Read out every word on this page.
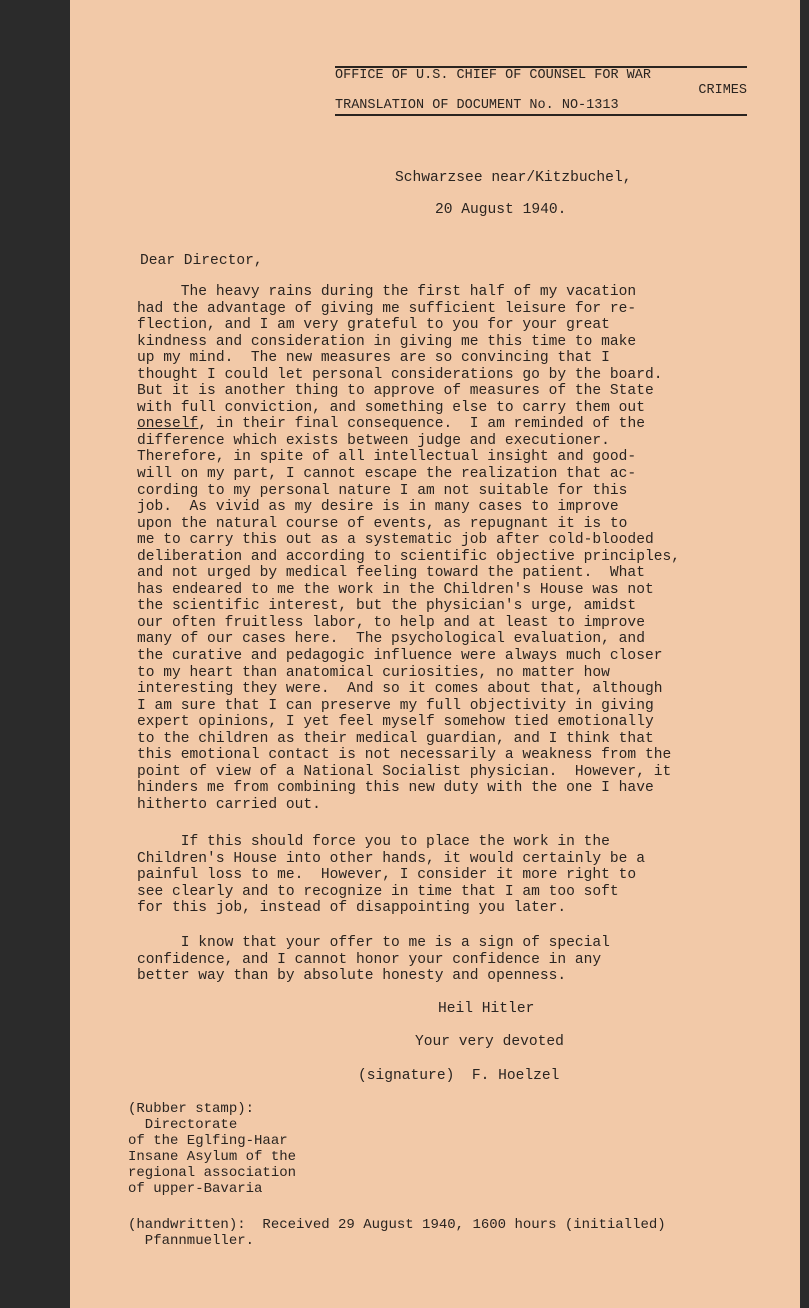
OFFICE OF U.S. CHIEF OF COUNSEL FOR WAR
CRIMES
TRANSLATION OF DOCUMENT No. NO-1313
Schwarzsee near/Kitzbuchel,
20 August 1940.
Dear Director,
The heavy rains during the first half of my vacation
had the advantage of giving me sufficient leisure for re-
flection, and I am very grateful to you for your great
kindness and consideration in giving me this time to make
up my mind.  The new measures are so convincing that I
thought I could let personal considerations go by the board.
But it is another thing to approve of measures of the State
with full conviction, and something else to carry them out
oneself, in their final consequence.  I am reminded of the
difference which exists between judge and executioner.
Therefore, in spite of all intellectual insight and good-
will on my part, I cannot escape the realization that ac-
cording to my personal nature I am not suitable for this
job.  As vivid as my desire is in many cases to improve
upon the natural course of events, as repugnant it is to
me to carry this out as a systematic job after cold-blooded
deliberation and according to scientific objective principles,
and not urged by medical feeling toward the patient.  What
has endeared to me the work in the Children's House was not
the scientific interest, but the physician's urge, amidst
our often fruitless labor, to help and at least to improve
many of our cases here.  The psychological evaluation, and
the curative and pedagogic influence were always much closer
to my heart than anatomical curiosities, no matter how
interesting they were.  And so it comes about that, although
I am sure that I can preserve my full objectivity in giving
expert opinions, I yet feel myself somehow tied emotionally
to the children as their medical guardian, and I think that
this emotional contact is not necessarily a weakness from the
point of view of a National Socialist physician.  However, it
hinders me from combining this new duty with the one I have
hitherto carried out.
If this should force you to place the work in the
Children's House into other hands, it would certainly be a
painful loss to me.  However, I consider it more right to
see clearly and to recognize in time that I am too soft
for this job, instead of disappointing you later.
I know that your offer to me is a sign of special
confidence, and I cannot honor your confidence in any
better way than by absolute honesty and openness.
Heil Hitler
Your very devoted
(signature)  F. Hoelzel
(Rubber stamp):
Directorate
of the Eglfing-Haar
Insane Asylum of the
regional association
of upper-Bavaria
(handwritten):  Received 29 August 1940, 1600 hours (initialled)
Pfannmueller.
